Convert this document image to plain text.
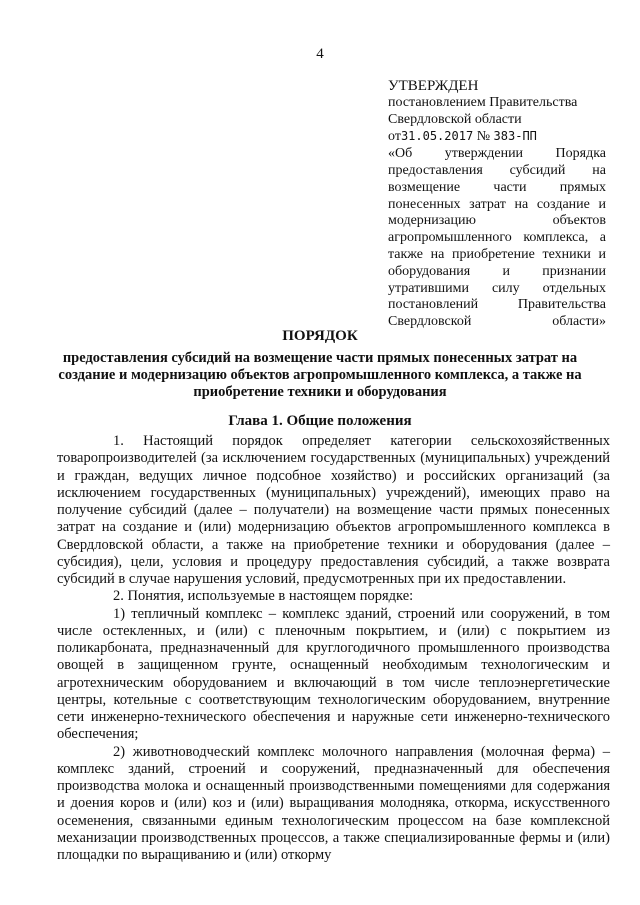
4
УТВЕРЖДЕН
постановлением Правительства
Свердловской области
от31.05.2017 № 383-ПП
«Об утверждении Порядка предоставления субсидий на возмещение части прямых понесенных затрат на создание и модернизацию объектов агропромышленного комплекса, а также на приобретение техники и оборудования и признании утратившими силу отдельных постановлений Правительства Свердловской области»
ПОРЯДОК
предоставления субсидий на возмещение части прямых понесенных затрат на создание и модернизацию объектов агропромышленного комплекса, а также на приобретение техники и оборудования
Глава 1. Общие положения

1. Настоящий порядок определяет категории сельскохозяйственных товаропроизводителей (за исключением государственных (муниципальных) учреждений и граждан, ведущих личное подсобное хозяйство) и российских организаций (за исключением государственных (муниципальных) учреждений), имеющих право на получение субсидий (далее – получатели) на возмещение части прямых понесенных затрат на создание и (или) модернизацию объектов агропромышленного комплекса в Свердловской области, а также на приобретение техники и оборудования (далее – субсидия), цели, условия и процедуру предоставления субсидий, а также возврата субсидий в случае нарушения условий, предусмотренных при их предоставлении.

2. Понятия, используемые в настоящем порядке:

1) тепличный комплекс – комплекс зданий, строений или сооружений, в том числе остекленных, и (или) с пленочным покрытием, и (или) с покрытием из поликарбоната, предназначенный для круглогодичного промышленного производства овощей в защищенном грунте, оснащенный необходимым технологическим и агротехническим оборудованием и включающий в том числе теплоэнергетические центры, котельные с соответствующим технологическим оборудованием, внутренние сети инженерно-технического обеспечения и наружные сети инженерно-технического обеспечения;

2) животноводческий комплекс молочного направления (молочная ферма) – комплекс зданий, строений и сооружений, предназначенный для обеспечения производства молока и оснащенный производственными помещениями для содержания и доения коров и (или) коз и (или) выращивания молодняка, откорма, искусственного осеменения, связанными единым технологическим процессом на базе комплексной механизации производственных процессов, а также специализированные фермы и (или) площадки по выращиванию и (или) откорму
